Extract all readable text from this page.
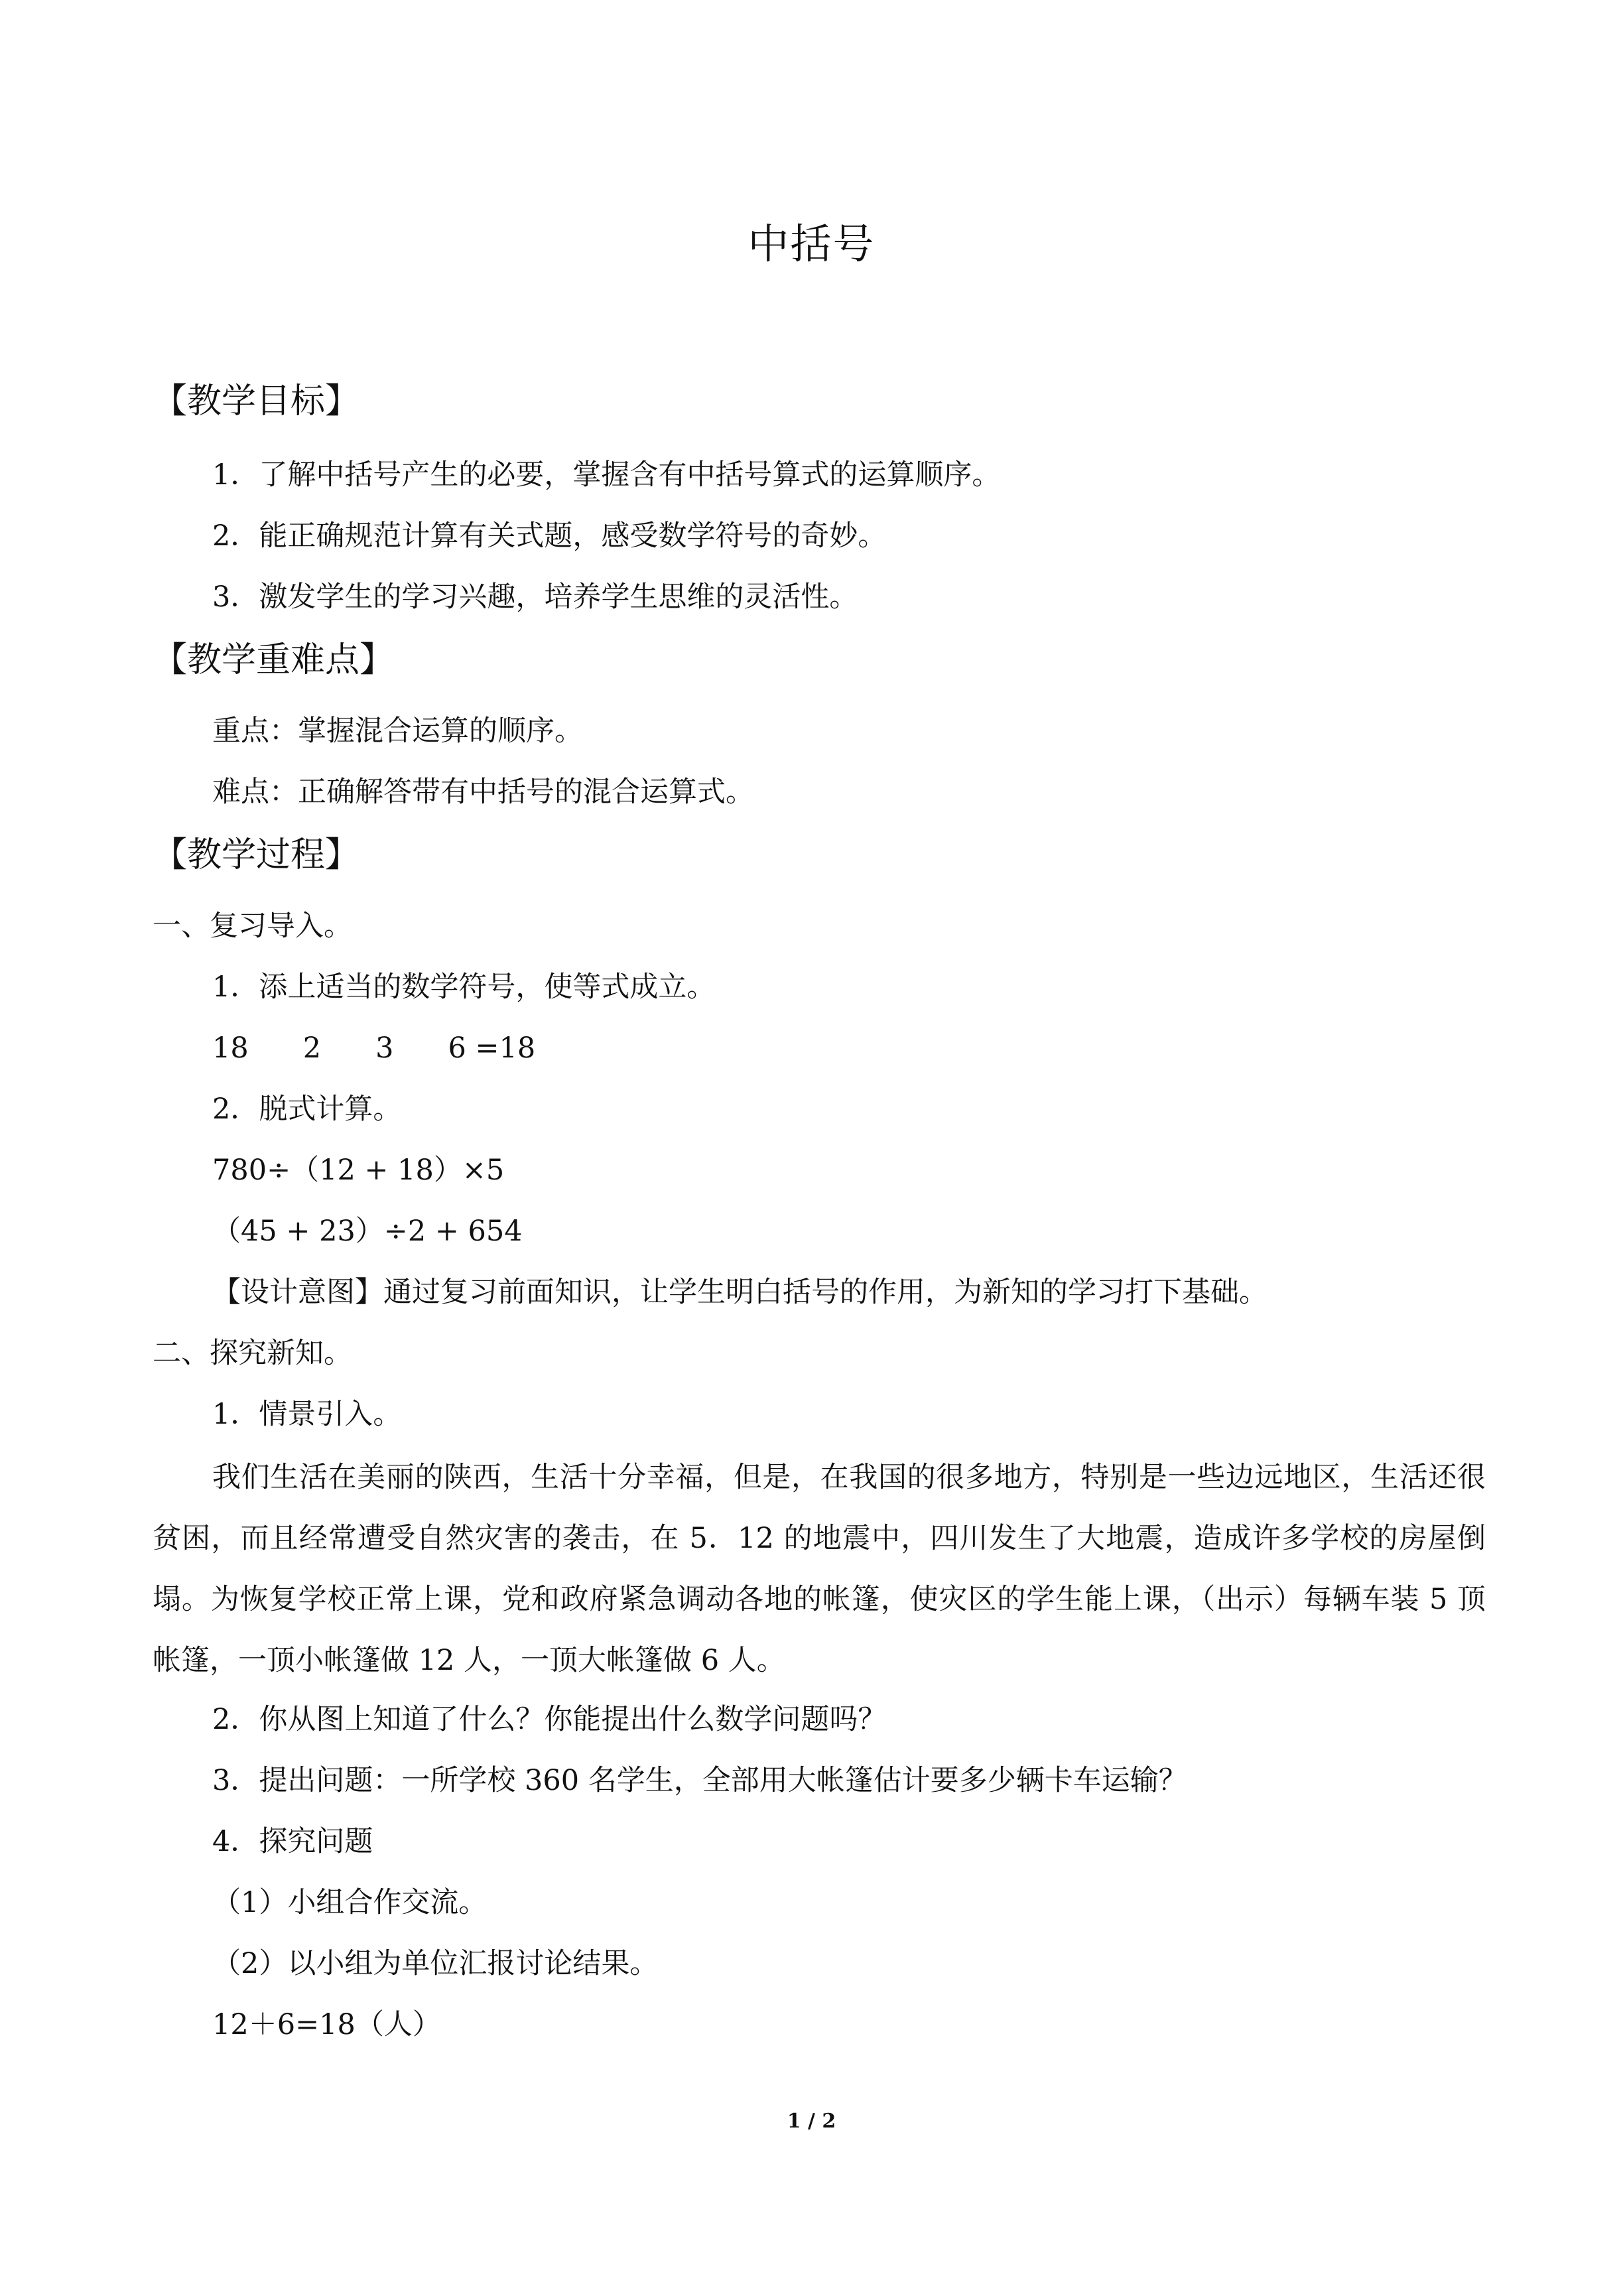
中括号
【教学目标】

1．了解中括号产生的必要，掌握含有中括号算式的运算顺序。

2．能正确规范计算有关式题，感受数学符号的奇妙。

3．激发学生的学习兴趣，培养学生思维的灵活性。

【教学重难点】

重点：掌握混合运算的顺序。

难点：正确解答带有中括号的混合运算式。

【教学过程】

一、复习导入。

1．添上适当的数学符号，使等式成立。

18      2      3      6 =18

2．脱式计算。

780÷（12 + 18）×5

（45 + 23）÷2 + 654

【设计意图】通过复习前面知识，让学生明白括号的作用，为新知的学习打下基础。

二、探究新知。

1．情景引入。

我们生活在美丽的陕西，生活十分幸福，但是，在我国的很多地方，特别是一些边远地区，生活还很贫困，而且经常遭受自然灾害的袭击，在 5．12 的地震中，四川发生了大地震，造成许多学校的房屋倒塌。为恢复学校正常上课，党和政府紧急调动各地的帐篷，使灾区的学生能上课，（出示）每辆车装 5 顶帐篷，一顶小帐篷做 12 人，一顶大帐篷做 6 人。

2．你从图上知道了什么？你能提出什么数学问题吗？

3．提出问题：一所学校 360 名学生，全部用大帐篷估计要多少辆卡车运输？

4．探究问题

（1）小组合作交流。

（2）以小组为单位汇报讨论结果。

12＋6=18（人）

1 / 2
